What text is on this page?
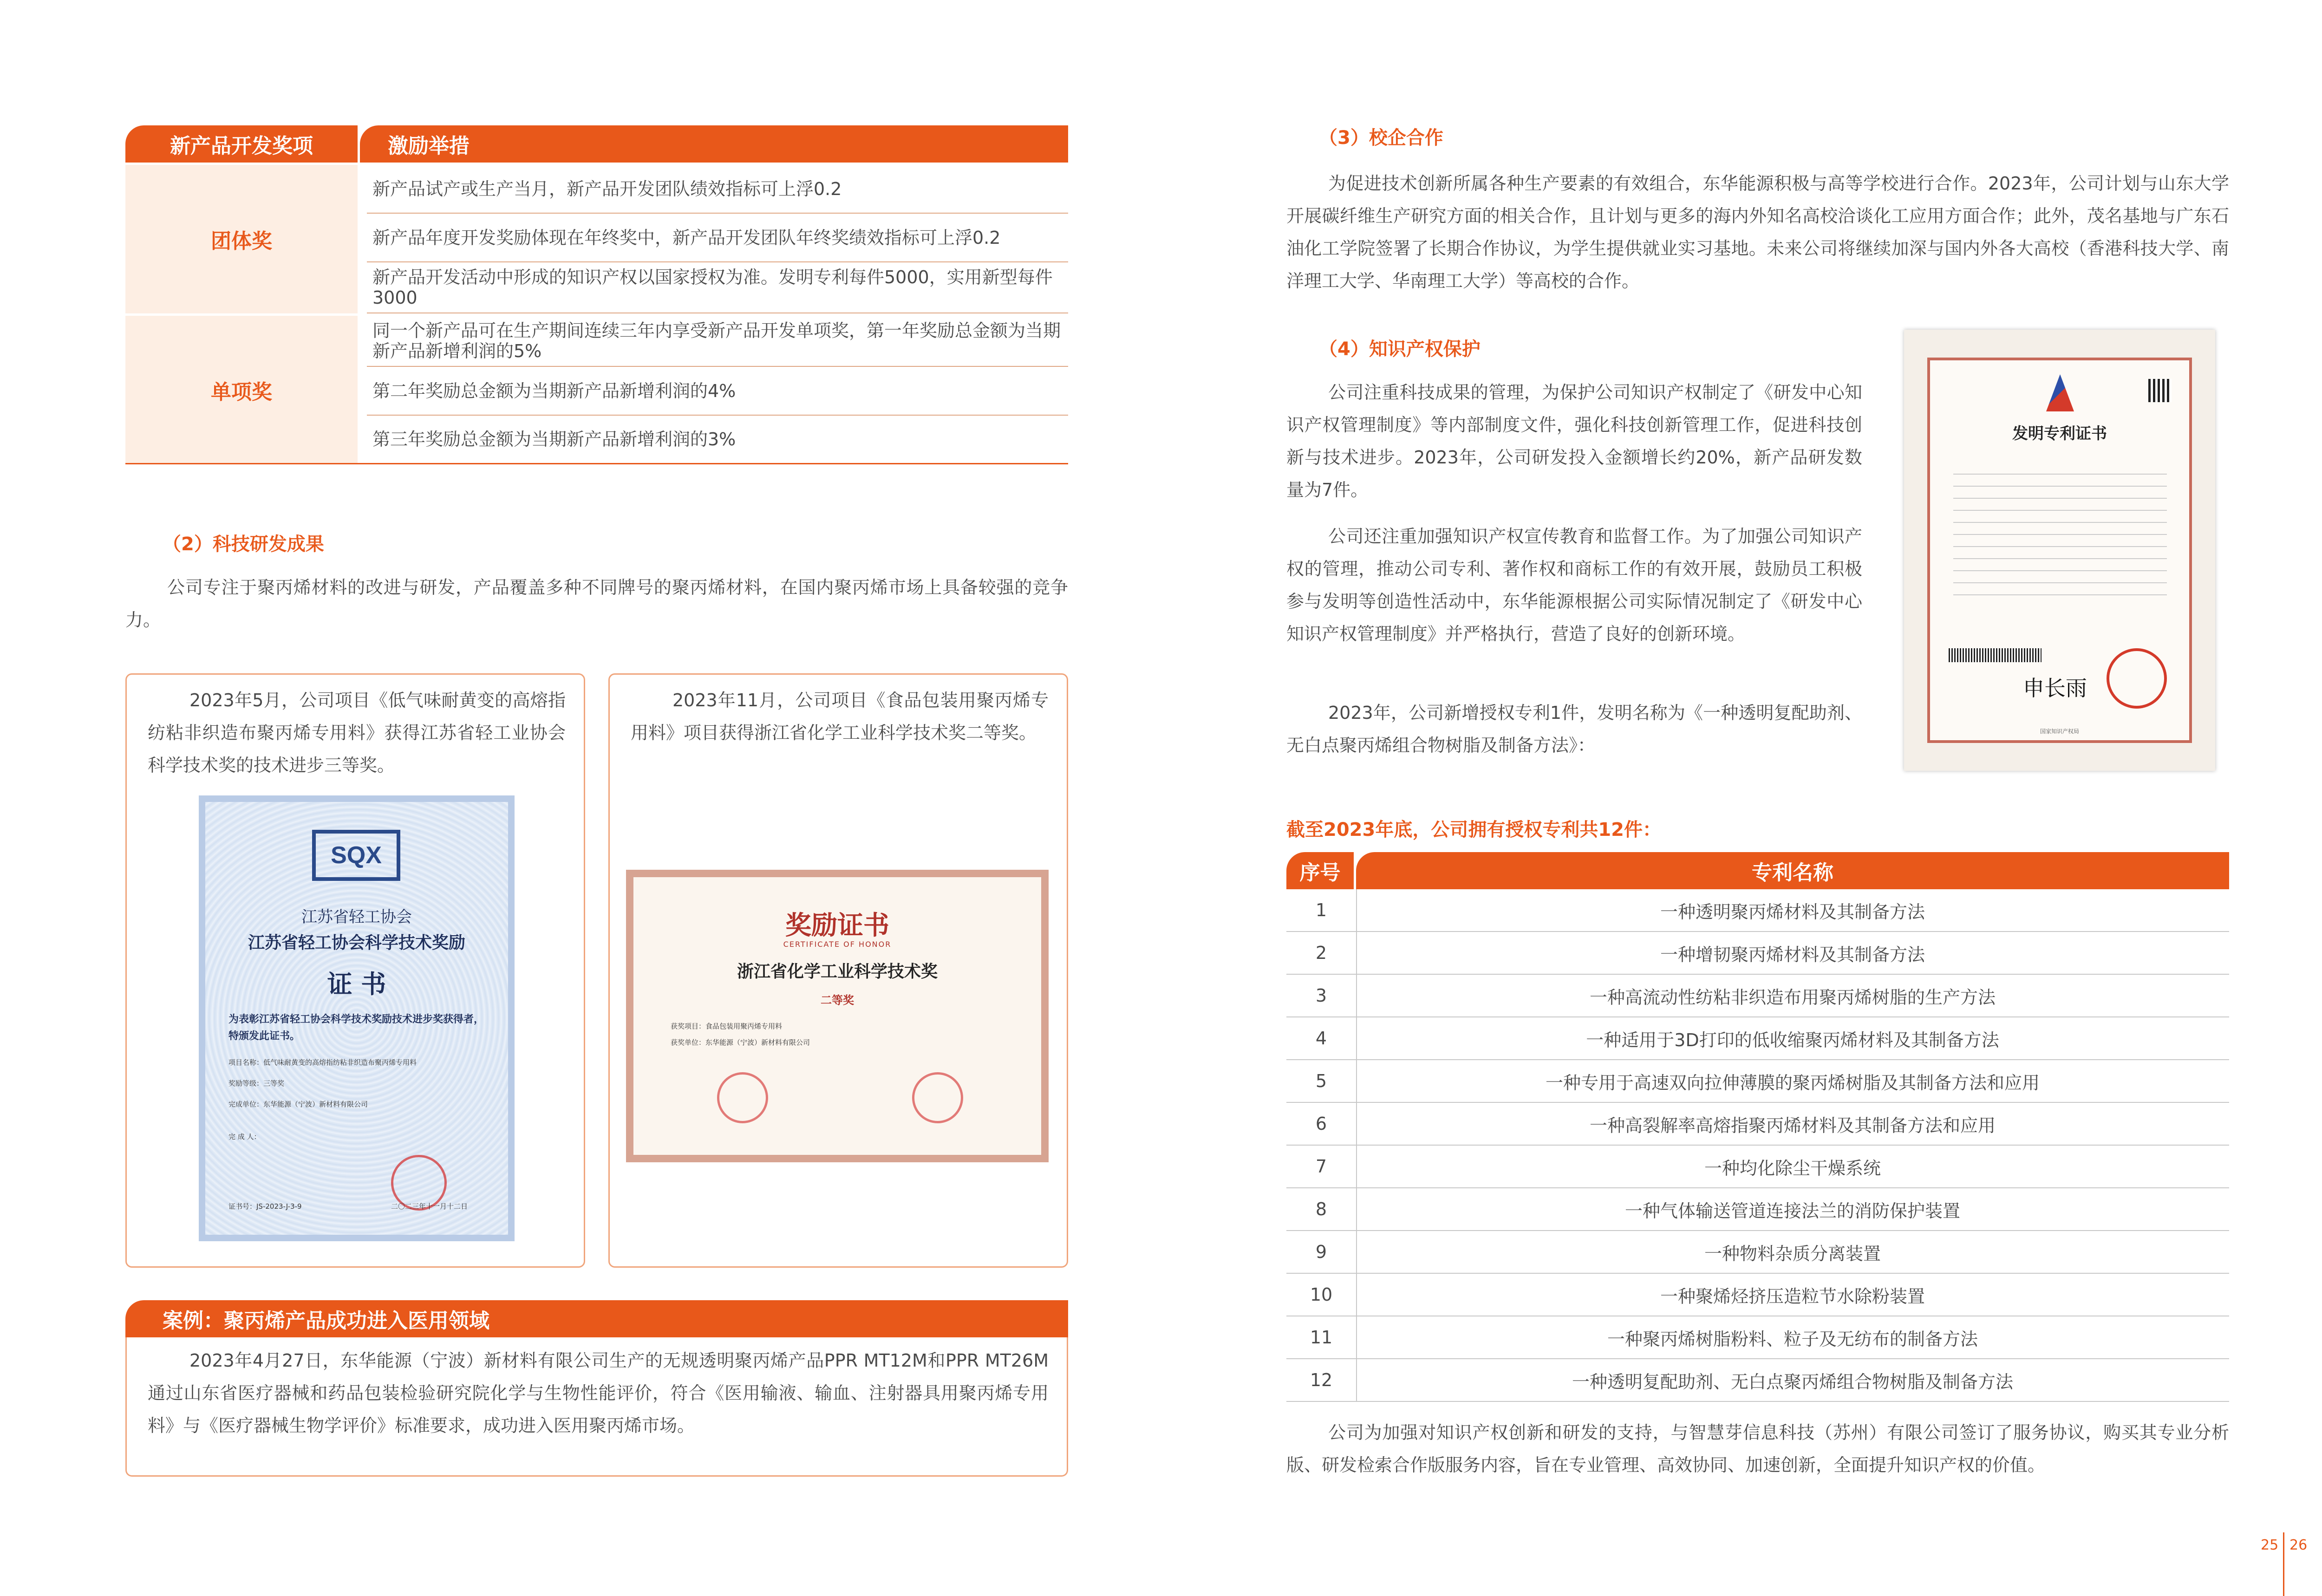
新产品开发奖项	激励举措
团体奖
新产品试产或生产当月，新产品开发团队绩效指标可上浮0.2
新产品年度开发奖励体现在年终奖中，新产品开发团队年终奖绩效指标可上浮0.2
新产品开发活动中形成的知识产权以国家授权为准。发明专利每件5000，实用新型每件3000
单项奖
同一个新产品可在生产期间连续三年内享受新产品开发单项奖，第一年奖励总金额为当期新产品新增利润的5%
第二年奖励总金额为当期新产品新增利润的4%
第三年奖励总金额为当期新产品新增利润的3%
（2）科技研发成果
公司专注于聚丙烯材料的改进与研发，产品覆盖多种不同牌号的聚丙烯材料，在国内聚丙烯市场上具备较强的竞争力。
2023年5月，公司项目《低气味耐黄变的高熔指纺粘非织造布聚丙烯专用料》获得江苏省轻工业协会科学技术奖的技术进步三等奖。
SQX
江苏省轻工协会
江苏省轻工协会科学技术奖励
证 书
为表彰江苏省轻工协会科学技术奖励技术进步奖获得者，特颁发此证书。
项目名称：低气味耐黄变的高熔指纺粘非织造布聚丙烯专用料
奖励等级：三等奖
完成单位：东华能源（宁波）新材料有限公司
完 成 人：
证书号：JS-2023-J-3-9	二〇二三年十一月十二日
2023年11月，公司项目《食品包装用聚丙烯专用料》项目获得浙江省化学工业科学技术奖二等奖。
奖励证书
CERTIFICATE OF HONOR
浙江省化学工业科学技术奖
二等奖
获奖项目：食品包装用聚丙烯专用料
获奖单位：东华能源（宁波）新材料有限公司
案例：聚丙烯产品成功进入医用领域
2023年4月27日，东华能源（宁波）新材料有限公司生产的无规透明聚丙烯产品PPR MT12M和PPR MT26M通过山东省医疗器械和药品包装检验研究院化学与生物性能评价，符合《医用输液、输血、注射器具用聚丙烯专用料》与《医疗器械生物学评价》标准要求，成功进入医用聚丙烯市场。
（3）校企合作
为促进技术创新所属各种生产要素的有效组合，东华能源积极与高等学校进行合作。2023年，公司计划与山东大学开展碳纤维生产研究方面的相关合作，且计划与更多的海内外知名高校洽谈化工应用方面合作；此外，茂名基地与广东石油化工学院签署了长期合作协议，为学生提供就业实习基地。未来公司将继续加深与国内外各大高校（香港科技大学、南洋理工大学、华南理工大学）等高校的合作。
（4）知识产权保护
公司注重科技成果的管理，为保护公司知识产权制定了《研发中心知识产权管理制度》等内部制度文件，强化科技创新管理工作，促进科技创新与技术进步。2023年，公司研发投入金额增长约20%，新产品研发数量为7件。
公司还注重加强知识产权宣传教育和监督工作。为了加强公司知识产权的管理，推动公司专利、著作权和商标工作的有效开展，鼓励员工积极参与发明等创造性活动中，东华能源根据公司实际情况制定了《研发中心知识产权管理制度》并严格执行，营造了良好的创新环境。
2023年，公司新增授权专利1件，发明名称为《一种透明复配助剂、无白点聚丙烯组合物树脂及制备方法》：
发明专利证书
申长雨
国家知识产权局
截至2023年底，公司拥有授权专利共12件：
序号	专利名称
1	一种透明聚丙烯材料及其制备方法
2	一种增韧聚丙烯材料及其制备方法
3	一种高流动性纺粘非织造布用聚丙烯树脂的生产方法
4	一种适用于3D打印的低收缩聚丙烯材料及其制备方法
5	一种专用于高速双向拉伸薄膜的聚丙烯树脂及其制备方法和应用
6	一种高裂解率高熔指聚丙烯材料及其制备方法和应用
7	一种均化除尘干燥系统
8	一种气体输送管道连接法兰的消防保护装置
9	一种物料杂质分离装置
10	一种聚烯烃挤压造粒节水除粉装置
11	一种聚丙烯树脂粉料、粒子及无纺布的制备方法
12	一种透明复配助剂、无白点聚丙烯组合物树脂及制备方法
公司为加强对知识产权创新和研发的支持，与智慧芽信息科技（苏州）有限公司签订了服务协议，购买其专业分析版、研发检索合作版服务内容，旨在专业管理、高效协同、加速创新，全面提升知识产权的价值。
25 26
